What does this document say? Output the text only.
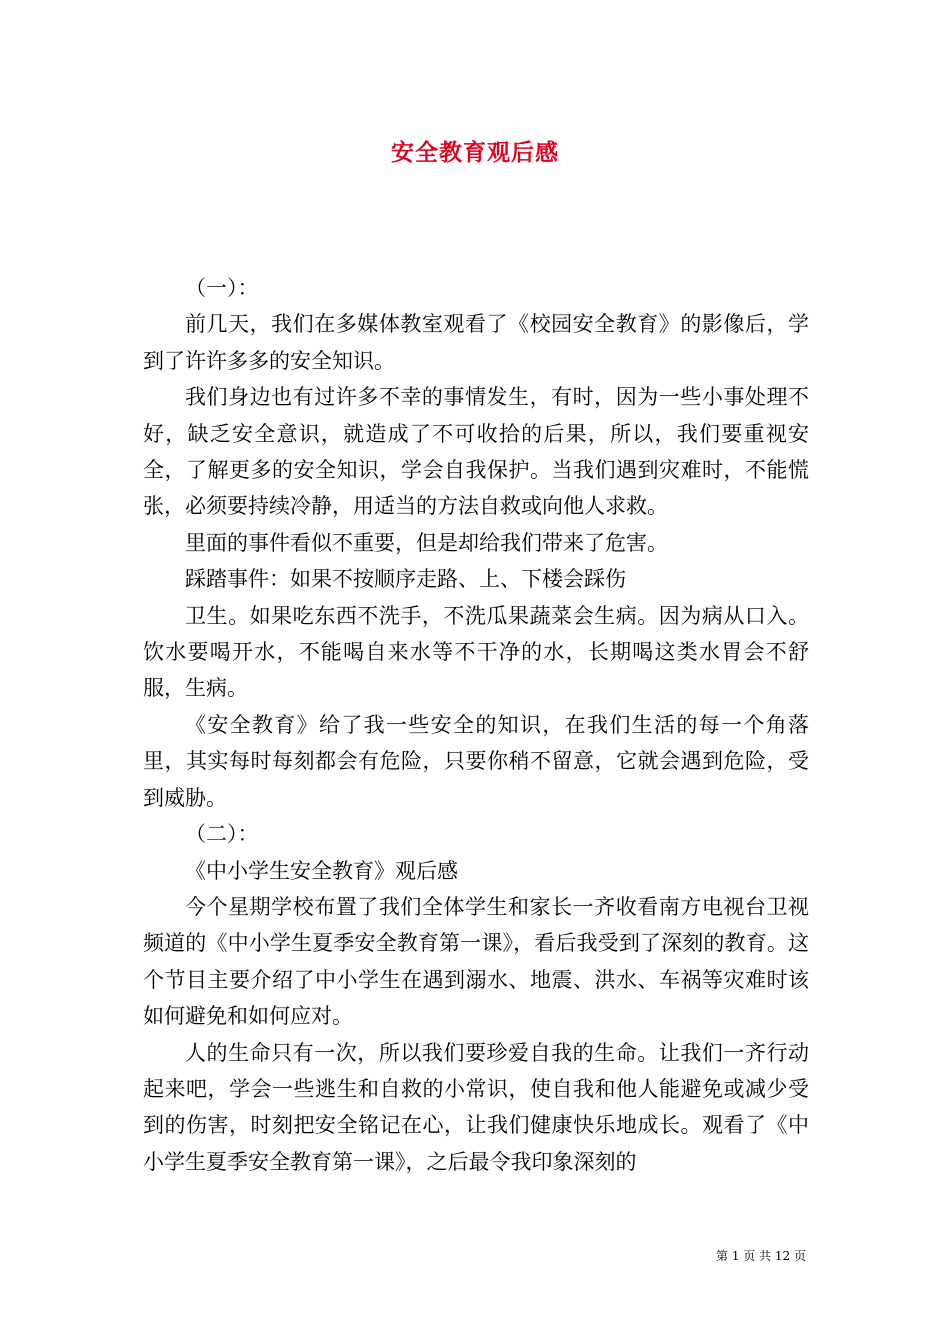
安全教育观后感

（一）：

前几天，我们在多媒体教室观看了《校园安全教育》的影像后，学到了许许多多的安全知识。

我们身边也有过许多不幸的事情发生，有时，因为一些小事处理不好，缺乏安全意识，就造成了不可收拾的后果，所以，我们要重视安全，了解更多的安全知识，学会自我保护。当我们遇到灾难时，不能慌张，必须要持续冷静，用适当的方法自救或向他人求救。

里面的事件看似不重要，但是却给我们带来了危害。

踩踏事件：如果不按顺序走路、上、下楼会踩伤

卫生。如果吃东西不洗手，不洗瓜果蔬菜会生病。因为病从口入。饮水要喝开水，不能喝自来水等不干净的水，长期喝这类水胃会不舒服，生病。

《安全教育》给了我一些安全的知识，在我们生活的每一个角落里，其实每时每刻都会有危险，只要你稍不留意，它就会遇到危险，受到威胁。

（二）：

《中小学生安全教育》观后感

今个星期学校布置了我们全体学生和家长一齐收看南方电视台卫视频道的《中小学生夏季安全教育第一课》，看后我受到了深刻的教育。这个节目主要介绍了中小学生在遇到溺水、地震、洪水、车祸等灾难时该如何避免和如何应对。

人的生命只有一次，所以我们要珍爱自我的生命。让我们一齐行动起来吧，学会一些逃生和自救的小常识，使自我和他人能避免或减少受到的伤害，时刻把安全铭记在心，让我们健康快乐地成长。观看了《中小学生夏季安全教育第一课》，之后最令我印象深刻的

第 1 页 共 12 页
